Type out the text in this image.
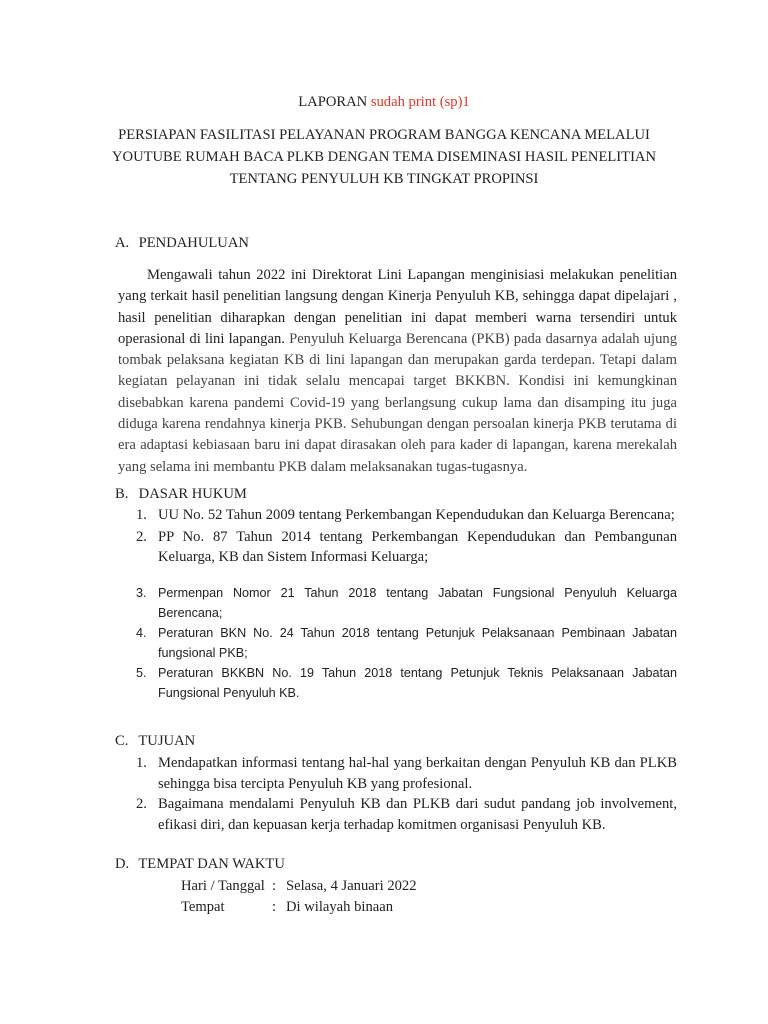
LAPORAN sudah print (sp)1
PERSIAPAN FASILITASI PELAYANAN PROGRAM BANGGA KENCANA MELALUI
YOUTUBE RUMAH BACA PLKB DENGAN TEMA DISEMINASI HASIL PENELITIAN
TENTANG PENYULUH KB TINGKAT PROPINSI
A. PENDAHULUAN
Mengawali tahun 2022 ini Direktorat Lini Lapangan menginisiasi melakukan penelitian yang terkait hasil penelitian langsung dengan Kinerja Penyuluh KB, sehingga dapat dipelajari , hasil penelitian diharapkan dengan penelitian ini dapat memberi warna tersendiri untuk operasional di lini lapangan. Penyuluh Keluarga Berencana (PKB) pada dasarnya adalah ujung tombak pelaksana kegiatan KB di lini lapangan dan merupakan garda terdepan. Tetapi dalam kegiatan pelayanan ini tidak selalu mencapai target BKKBN. Kondisi ini kemungkinan disebabkan karena pandemi Covid-19 yang berlangsung cukup lama dan disamping itu juga diduga karena rendahnya kinerja PKB. Sehubungan dengan persoalan kinerja PKB terutama di era adaptasi kebiasaan baru ini dapat dirasakan oleh para kader di lapangan, karena merekalah yang selama ini membantu PKB dalam melaksanakan tugas-tugasnya.
B. DASAR HUKUM
1. UU No. 52 Tahun 2009 tentang Perkembangan Kependudukan dan Keluarga Berencana;
2. PP No. 87 Tahun 2014 tentang Perkembangan Kependudukan dan Pembangunan Keluarga, KB dan Sistem Informasi Keluarga;
3. Permenpan Nomor 21 Tahun 2018 tentang Jabatan Fungsional Penyuluh Keluarga Berencana;
4. Peraturan BKN No. 24 Tahun 2018 tentang Petunjuk Pelaksanaan Pembinaan Jabatan fungsional PKB;
5. Peraturan BKKBN No. 19 Tahun 2018 tentang Petunjuk Teknis Pelaksanaan Jabatan Fungsional Penyuluh KB.
C. TUJUAN
1. Mendapatkan informasi tentang hal-hal yang berkaitan dengan Penyuluh KB dan PLKB sehingga bisa tercipta Penyuluh KB yang profesional.
2. Bagaimana mendalami Penyuluh KB dan PLKB dari sudut pandang job involvement, efikasi diri, dan kepuasan kerja terhadap komitmen organisasi Penyuluh KB.
D. TEMPAT DAN WAKTU
Hari / Tanggal : Selasa, 4 Januari 2022
Tempat	: Di wilayah binaan
